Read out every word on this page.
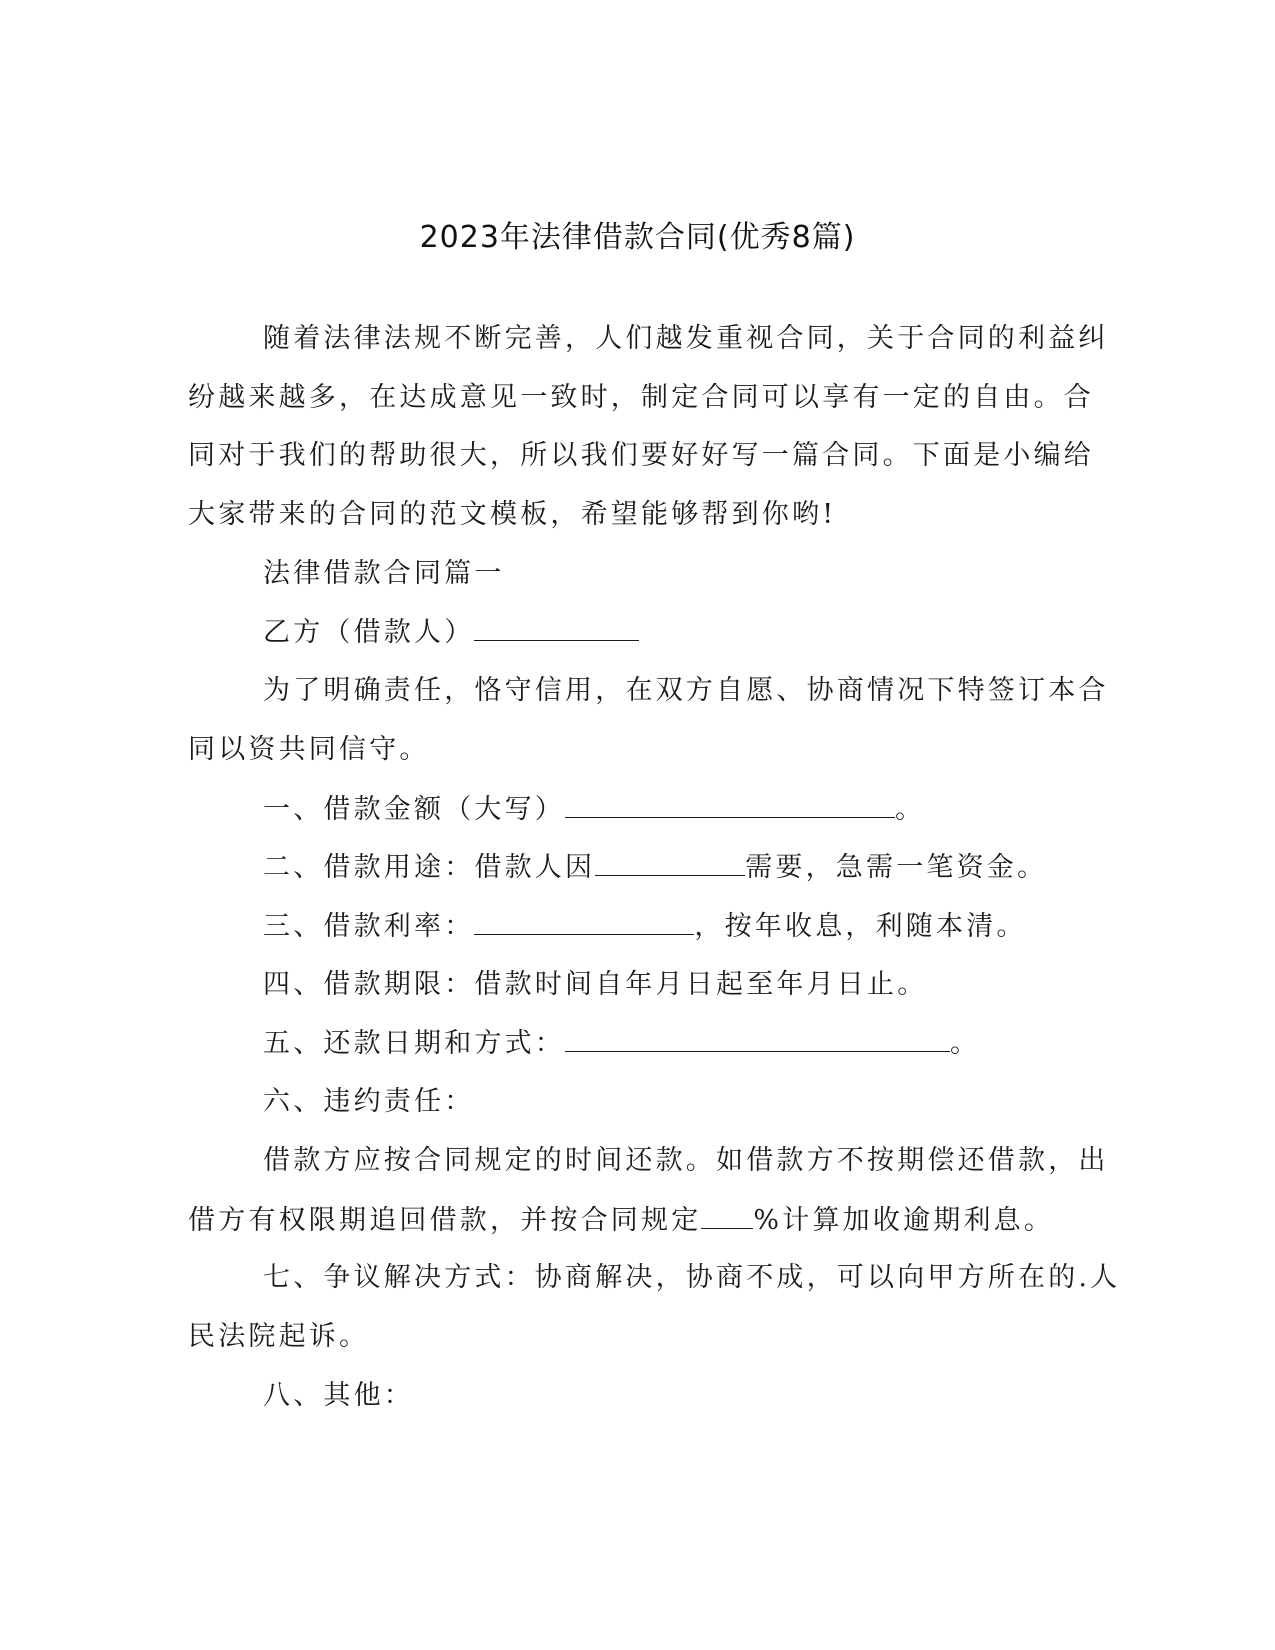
2023年法律借款合同(优秀8篇)
随着法律法规不断完善，人们越发重视合同，关于合同的利益纠
纷越来越多，在达成意见一致时，制定合同可以享有一定的自由。合
同对于我们的帮助很大，所以我们要好好写一篇合同。下面是小编给
大家带来的合同的范文模板，希望能够帮到你哟!
法律借款合同篇一
乙方（借款人）
为了明确责任，恪守信用，在双方自愿、协商情况下特签订本合
同以资共同信守。
一、借款金额（大写）	。
二、借款用途：借款人因	需要，急需一笔资金。
三、借款利率：	，按年收息，利随本清。
四、借款期限：借款时间自年月日起至年月日止。
五、还款日期和方式：	。
六、违约责任：
借款方应按合同规定的时间还款。如借款方不按期偿还借款，出
借方有权限期追回借款，并按合同规定 %计算加收逾期利息。
七、争议解决方式：协商解决，协商不成，可以向甲方所在的.人
民法院起诉。
八、其他：
